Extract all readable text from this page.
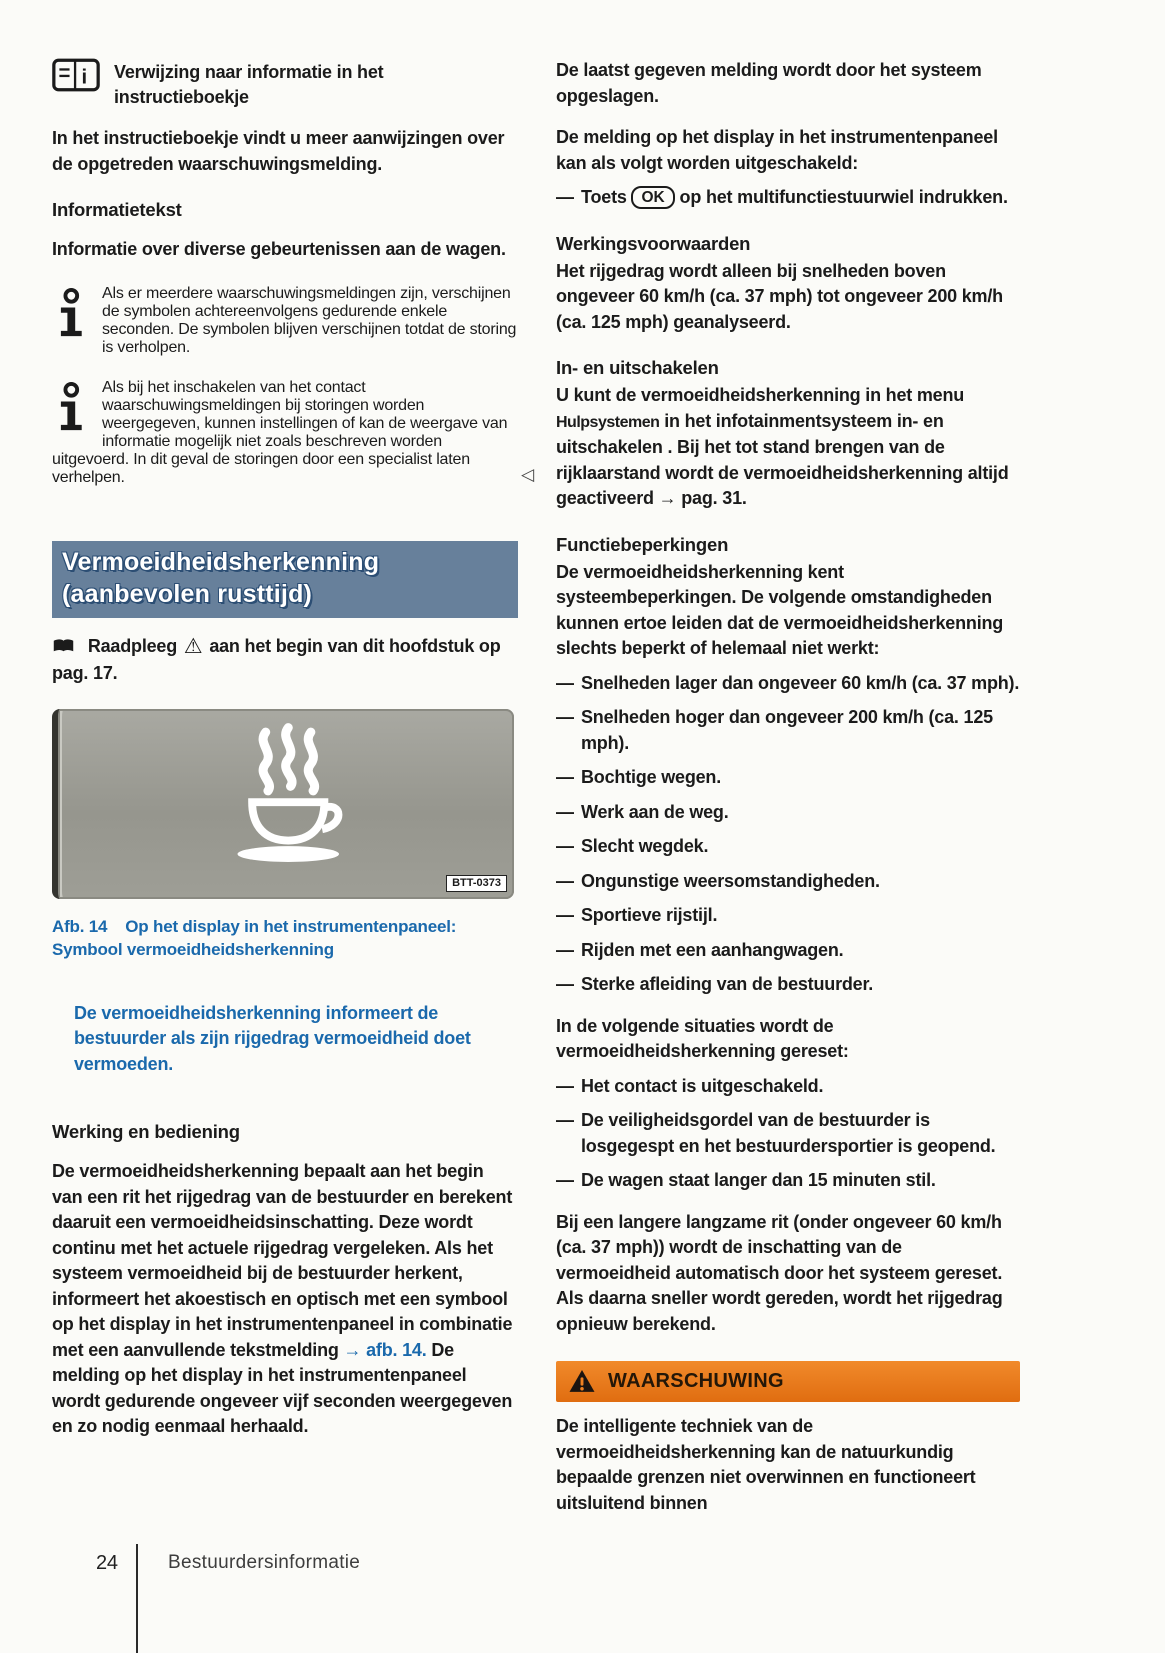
i Verwijzing naar informatie in het instructieboekje

In het instructieboekje vindt u meer aanwijzingen over de opgetreden waarschuwingsmelding.

Informatietekst

Informatie over diverse gebeurtenissen aan de wagen.

Als er meerdere waarschuwingsmeldingen zijn, verschijnen de symbolen achtereenvolgens gedurende enkele seconden. De symbolen blijven verschijnen totdat de storing is verholpen.
Als bij het inschakelen van het contact waarschuwingsmeldingen bij storingen worden weergegeven, kunnen instellingen of kan de weergave van informatie mogelijk niet zoals beschreven worden uitgevoerd. In dit geval de storingen door een specialist laten verhelpen.	◁
Vermoeidheidsherkenning (aanbevolen rusttijd)

Raadpleeg ⚠ aan het begin van dit hoofdstuk op pag. 17.

BTT-0373
Afb. 14 Op het display in het instrumentenpaneel: Symbool vermoeidheidsherkenning

De vermoeidheidsherkenning informeert de bestuurder als zijn rijgedrag vermoeidheid doet vermoeden.

Werking en bediening

De vermoeidheidsherkenning bepaalt aan het begin van een rit het rijgedrag van de bestuurder en berekent daaruit een vermoeidheidsinschatting. Deze wordt continu met het actuele rijgedrag vergeleken. Als het systeem vermoeidheid bij de bestuurder herkent, informeert het akoestisch en optisch met een symbool op het display in het instrumentenpaneel in combinatie met een aanvullende tekstmelding → afb. 14. De melding op het display in het instrumentenpaneel wordt gedurende ongeveer vijf seconden weergegeven en zo nodig eenmaal herhaald.

De laatst gegeven melding wordt door het systeem opgeslagen.

De melding op het display in het instrumentenpaneel kan als volgt worden uitgeschakeld:

— Toets OK op het multifunctiestuurwiel indrukken.
Werkingsvoorwaarden

Het rijgedrag wordt alleen bij snelheden boven ongeveer 60 km/h (ca. 37 mph) tot ongeveer 200 km/h (ca. 125 mph) geanalyseerd.

In- en uitschakelen

U kunt de vermoeidheidsherkenning in het menu Hulpsystemen in het infotainmentsysteem in- en uitschakelen . Bij het tot stand brengen van de rijklaarstand wordt de vermoeidheidsherkenning altijd geactiveerd → pag. 31.

Functiebeperkingen

De vermoeidheidsherkenning kent systeembeperkingen. De volgende omstandigheden kunnen ertoe leiden dat de vermoeidheidsherkenning slechts beperkt of helemaal niet werkt:

— Snelheden lager dan ongeveer 60 km/h (ca. 37 mph).
— Snelheden hoger dan ongeveer 200 km/h (ca. 125 mph).
— Bochtige wegen.
— Werk aan de weg.
— Slecht wegdek.
— Ongunstige weersomstandigheden.
— Sportieve rijstijl.
— Rijden met een aanhangwagen.
— Sterke afleiding van de bestuurder.

In de volgende situaties wordt de vermoeidheidsherkenning gereset:

— Het contact is uitgeschakeld.
— De veiligheidsgordel van de bestuurder is losgegespt en het bestuurdersportier is geopend.
— De wagen staat langer dan 15 minuten stil.

Bij een langere langzame rit (onder ongeveer 60 km/h (ca. 37 mph)) wordt de inschatting van de vermoeidheid automatisch door het systeem gereset. Als daarna sneller wordt gereden, wordt het rijgedrag opnieuw berekend.

WAARSCHUWING

De intelligente techniek van de vermoeidheidsherkenning kan de natuurkundig bepaalde grenzen niet overwinnen en functioneert uitsluitend binnen

24	Bestuurdersinformatie
